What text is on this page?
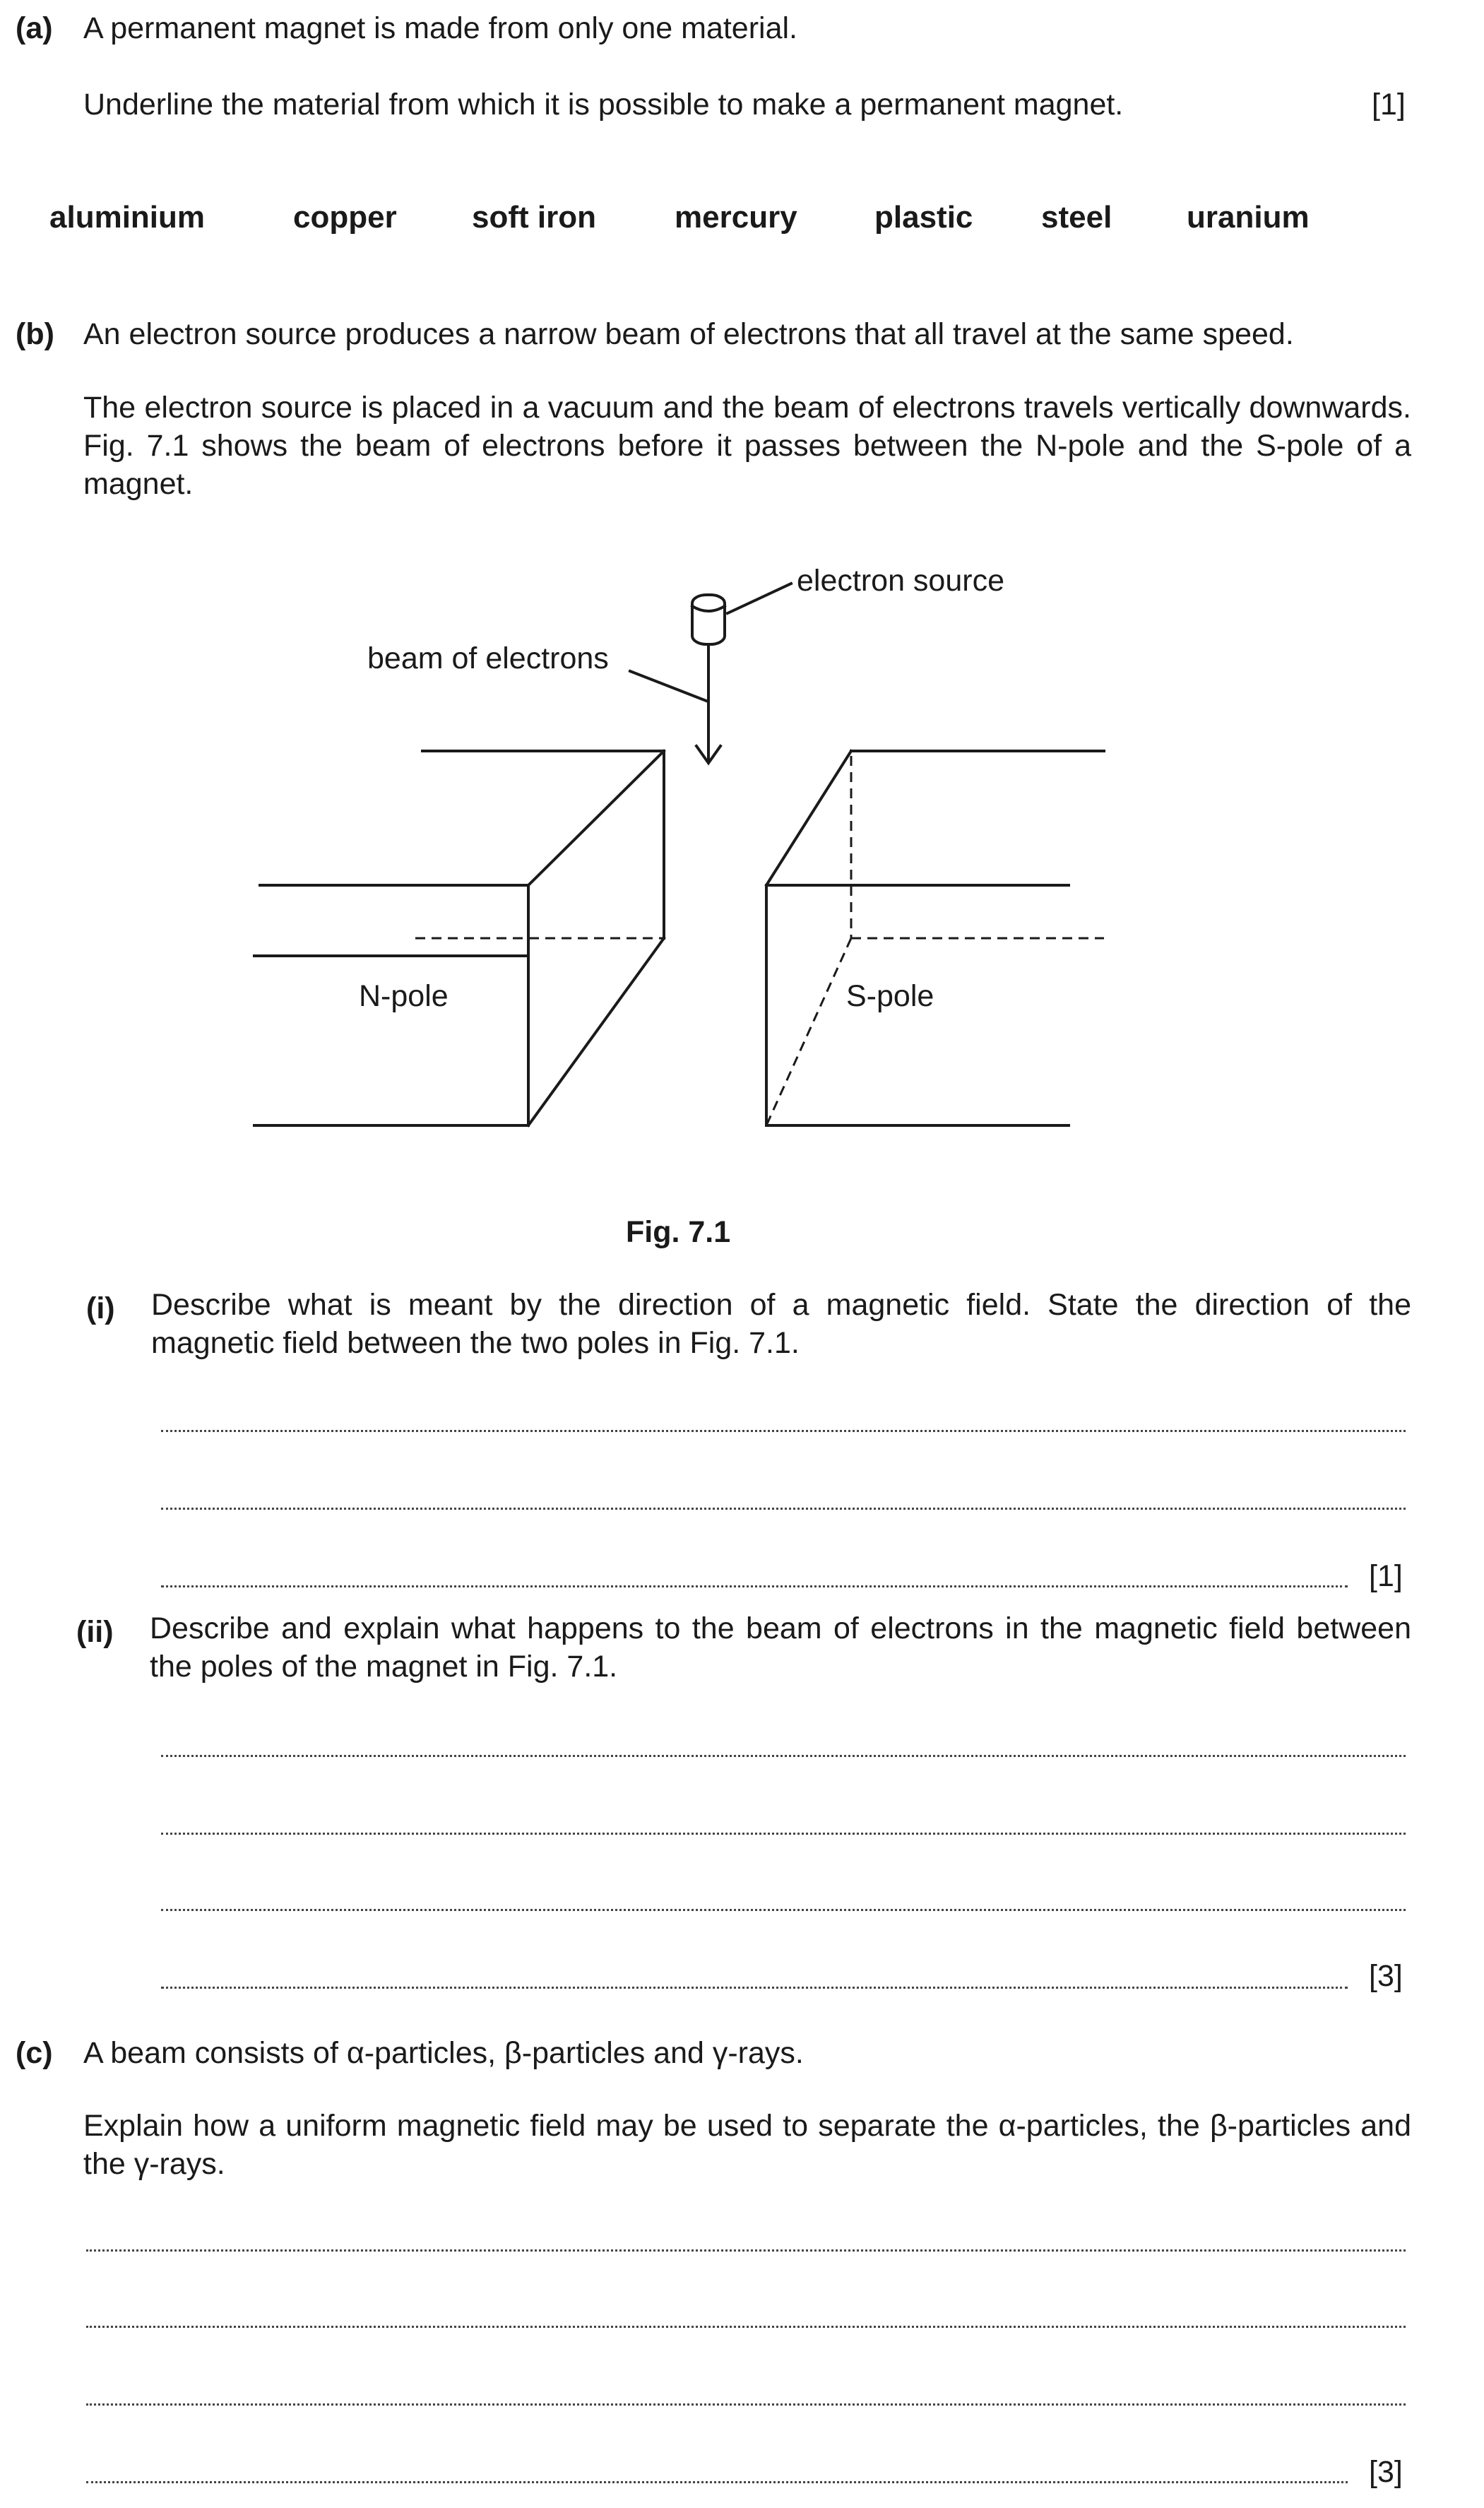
(a) A permanent magnet is made from only one material.
Underline the material from which it is possible to make a permanent magnet.	[1]
aluminium	copper soft iron	mercury plastic steel uranium
(b) An electron source produces a narrow beam of electrons that all travel at the same speed.
The electron source is placed in a vacuum and the beam of electrons travels vertically downwards. Fig. 7.1 shows the beam of electrons before it passes between the N-pole and the S-pole of a magnet.
electron source
beam of electrons
N-pole	S-pole
Fig. 7.1
(i) Describe what is meant by the direction of a magnetic field. State the direction of the magnetic field between the two poles in Fig. 7.1.
[1]
(ii) Describe and explain what happens to the beam of electrons in the magnetic field between the poles of the magnet in Fig. 7.1.
[3]
(c) A beam consists of α-particles, β-particles and γ-rays.
Explain how a uniform magnetic field may be used to separate the α-particles, the β-particles and the γ-rays.
[3]
